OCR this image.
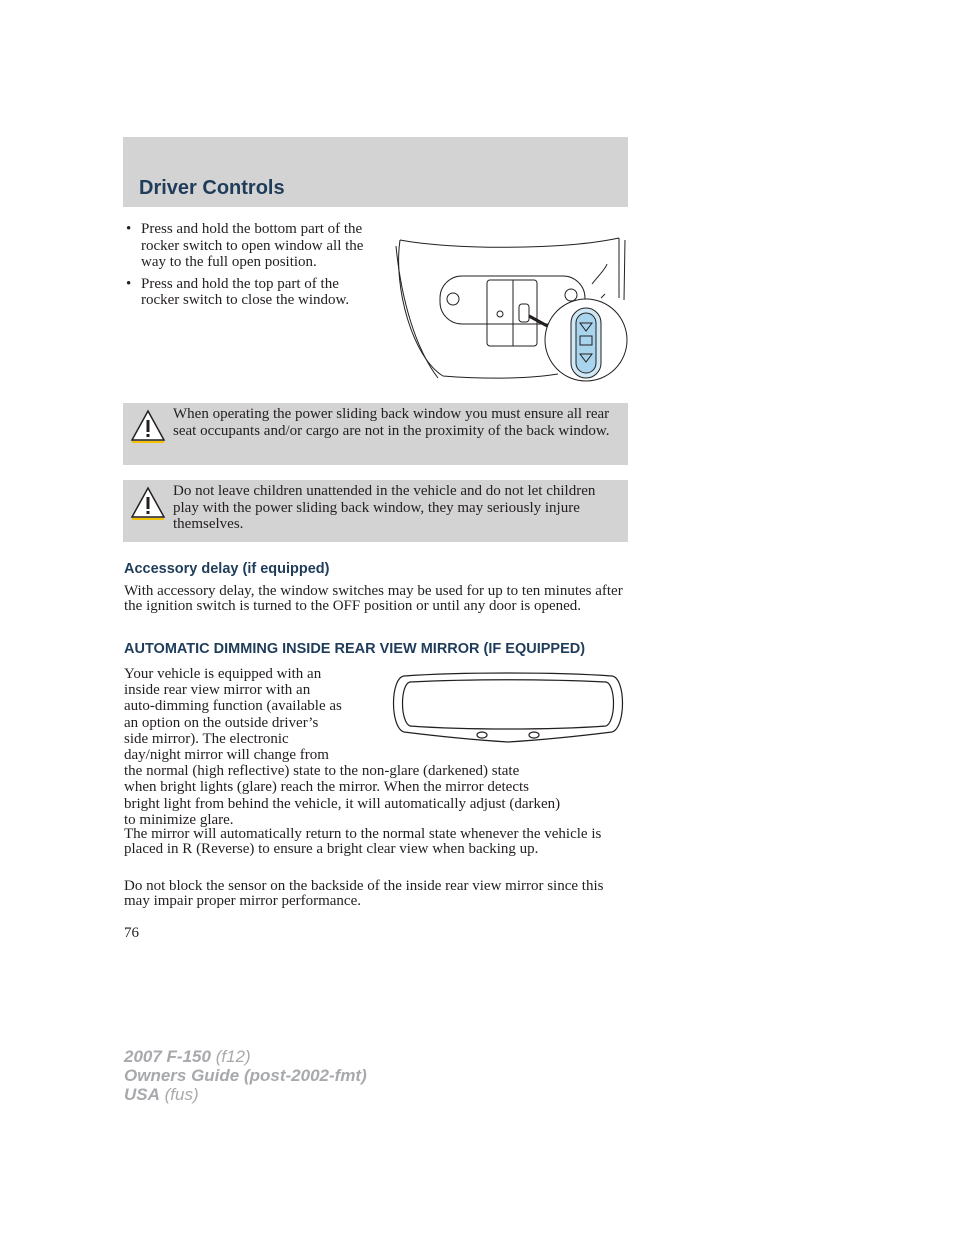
Driver Controls
• Press and hold the bottom part of the rocker switch to open window all the way to the full open position.
• Press and hold the top part of the rocker switch to close the window.
When operating the power sliding back window you must ensure all rear seat occupants and/or cargo are not in the proximity of the back window.
Do not leave children unattended in the vehicle and do not let children play with the power sliding back window, they may seriously injure themselves.
Accessory delay (if equipped)

With accessory delay, the window switches may be used for up to ten minutes after the ignition switch is turned to the OFF position or until any door is opened.

AUTOMATIC DIMMING INSIDE REAR VIEW MIRROR (IF EQUIPPED)
Your vehicle is equipped with an
inside rear view mirror with an
auto-dimming function (available as
an option on the outside driver’s
side mirror). The electronic
day/night mirror will change from
the normal (high reflective) state to the non-glare (darkened) state
when bright lights (glare) reach the mirror. When the mirror detects
bright light from behind the vehicle, it will automatically adjust (darken)
to minimize glare.

The mirror will automatically return to the normal state whenever the vehicle is placed in R (Reverse) to ensure a bright clear view when backing up.

Do not block the sensor on the backside of the inside rear view mirror since this may impair proper mirror performance.

76

2007 F-150 (f12)
Owners Guide (post-2002-fmt)
USA (fus)
